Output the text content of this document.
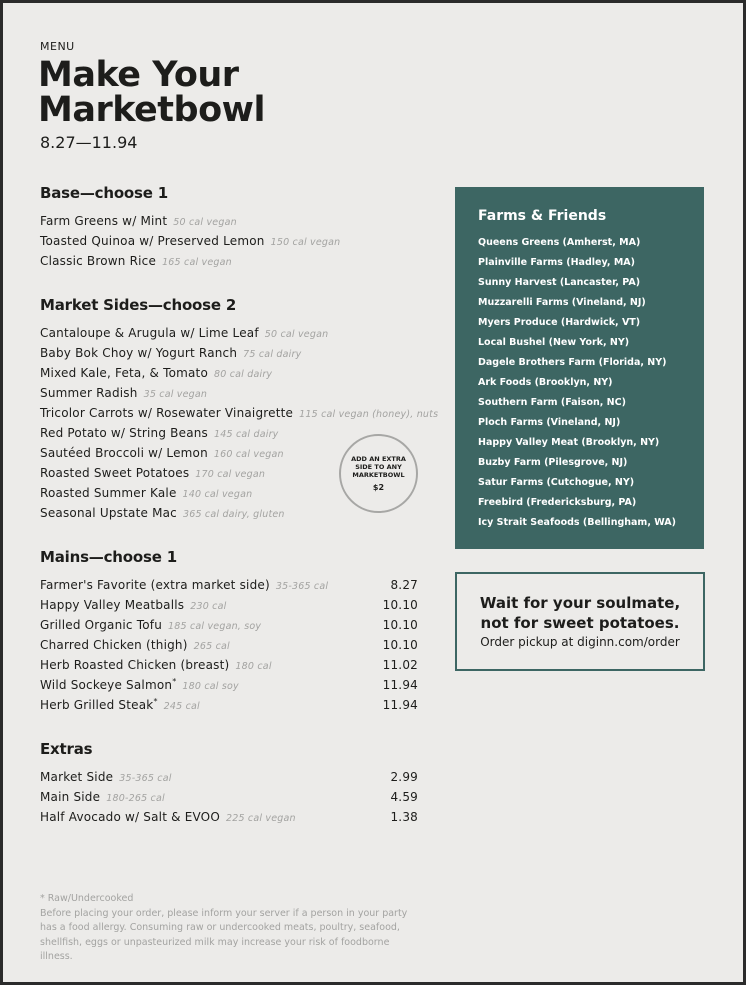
MENU
Make Your Marketbowl
8.27—11.94
Base—choose 1
Farm Greens w/ Mint 50 cal vegan
Toasted Quinoa w/ Preserved Lemon 150 cal vegan
Classic Brown Rice 165 cal vegan
Market Sides—choose 2
Cantaloupe & Arugula w/ Lime Leaf 50 cal vegan
Baby Bok Choy w/ Yogurt Ranch 75 cal dairy
Mixed Kale, Feta, & Tomato 80 cal dairy
Summer Radish 35 cal vegan
Tricolor Carrots w/ Rosewater Vinaigrette 115 cal vegan (honey), nuts
Red Potato w/ String Beans 145 cal dairy
Sautéed Broccoli w/ Lemon 160 cal vegan
Roasted Sweet Potatoes 170 cal vegan
Roasted Summer Kale 140 cal vegan
Seasonal Upstate Mac 365 cal dairy, gluten
Mains—choose 1
Farmer's Favorite (extra market side) 35-365 cal	8.27
Happy Valley Meatballs 230 cal	10.10
Grilled Organic Tofu 185 cal vegan, soy	10.10
Charred Chicken (thigh) 265 cal	10.10
Herb Roasted Chicken (breast) 180 cal	11.02
Wild Sockeye Salmon* 180 cal soy	11.94
Herb Grilled Steak* 245 cal	11.94
Extras
Market Side 35-365 cal	2.99
Main Side 180-265 cal	4.59
Half Avocado w/ Salt & EVOO 225 cal vegan	1.38
ADD AN EXTRA SIDE TO ANY MARKETBOWL
$2
Farms & Friends
Queens Greens (Amherst, MA)
Plainville Farms (Hadley, MA)
Sunny Harvest (Lancaster, PA)
Muzzarelli Farms (Vineland, NJ)
Myers Produce (Hardwick, VT)
Local Bushel (New York, NY)
Dagele Brothers Farm (Florida, NY)
Ark Foods (Brooklyn, NY)
Southern Farm (Faison, NC)
Ploch Farms (Vineland, NJ)
Happy Valley Meat (Brooklyn, NY)
Buzby Farm (Pilesgrove, NJ)
Satur Farms (Cutchogue, NY)
Freebird (Fredericksburg, PA)
Icy Strait Seafoods (Bellingham, WA)
Wait for your soulmate,
not for sweet potatoes.
Order pickup at diginn.com/order
* Raw/Undercooked
Before placing your order, please inform your server if a person in your party has a food allergy. Consuming raw or undercooked meats, poultry, seafood, shellfish, eggs or unpasteurized milk may increase your risk of foodborne illness.
